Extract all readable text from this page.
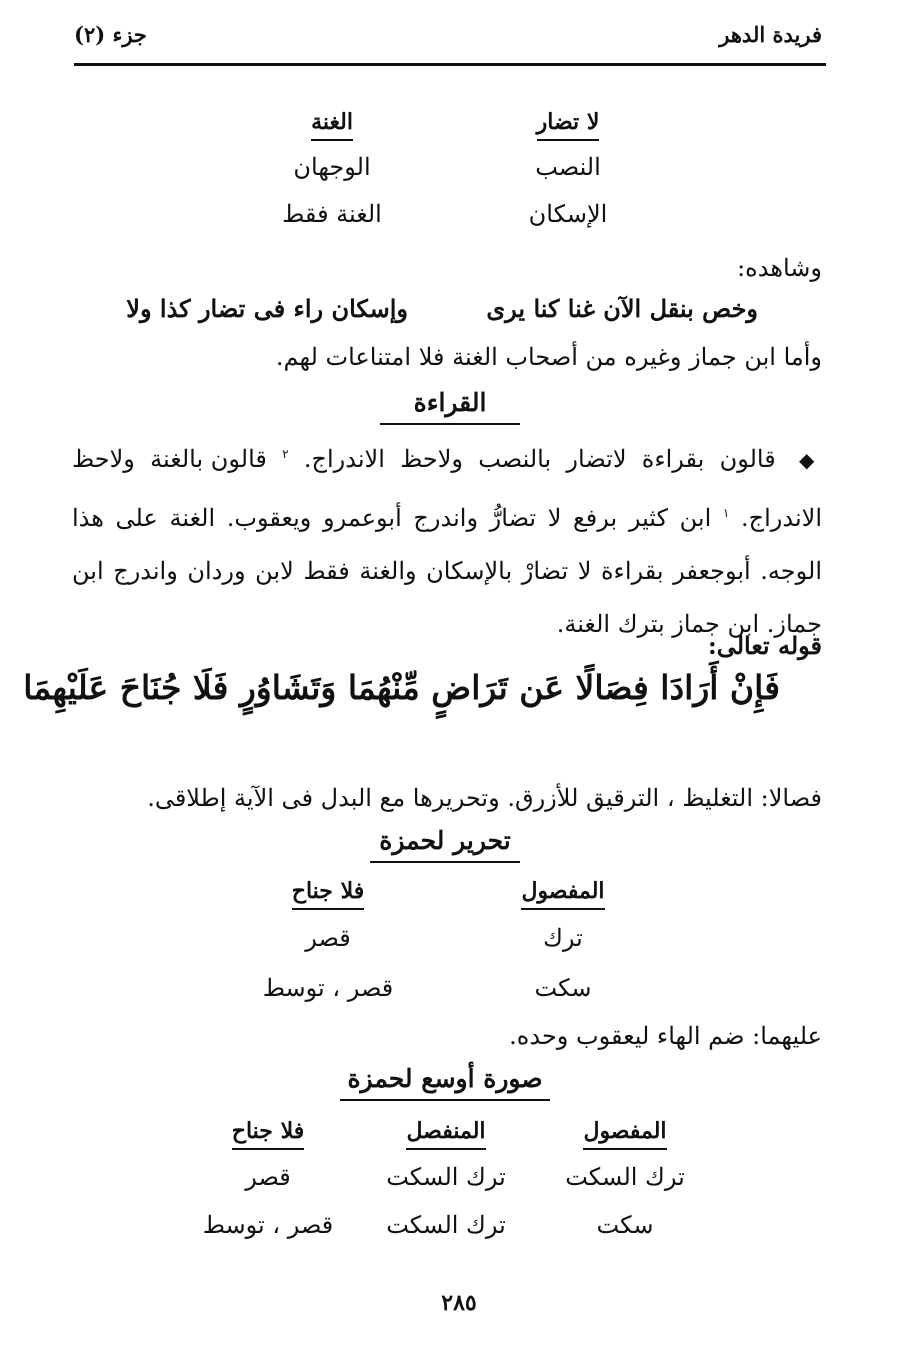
فريدة الدهر
جزء (٢)
لا تضار
الغنة
النصب
الوجهان
الإسكان
الغنة فقط
وشاهده:
وخص بنقل الآن غنا كنا يرى
وإسكان راء فى تضار كذا ولا
وأما ابن جماز وغيره من أصحاب الغنة فلا امتناعات لهم.
القراءة

◆ قالون بقراءة لاتضار بالنصب ولاحظ الاندراج. $^٢$ قالون بالغنة ولاحظ الاندراج. $^١$ ابن كثير برفع لا تضارُّ واندرج أبوعمرو ويعقوب. الغنة على هذا الوجه. أبوجعفر بقراءة لا تضارْ بالإسكان والغنة فقط لابن وردان واندرج ابن جماز. ابن جماز بترك الغنة.

قوله تعالى:
فَإِنْ أَرَادَا فِصَالًا عَن تَرَاضٍ مِّنْهُمَا وَتَشَاوُرٍ فَلَا جُنَاحَ عَلَيْهِمَا
فصالا: التغليظ ، الترقيق للأزرق. وتحريرها مع البدل فى الآية إطلاقى.
تحرير لحمزة
المفصول
فلا جناح
ترك
قصر
سكت
قصر ، توسط
عليهما: ضم الهاء ليعقوب وحده.
صورة أوسع لحمزة
المفصول
المنفصل
فلا جناح
ترك السكت
ترك السكت
قصر
سكت
ترك السكت
قصر ، توسط
٢٨٥
